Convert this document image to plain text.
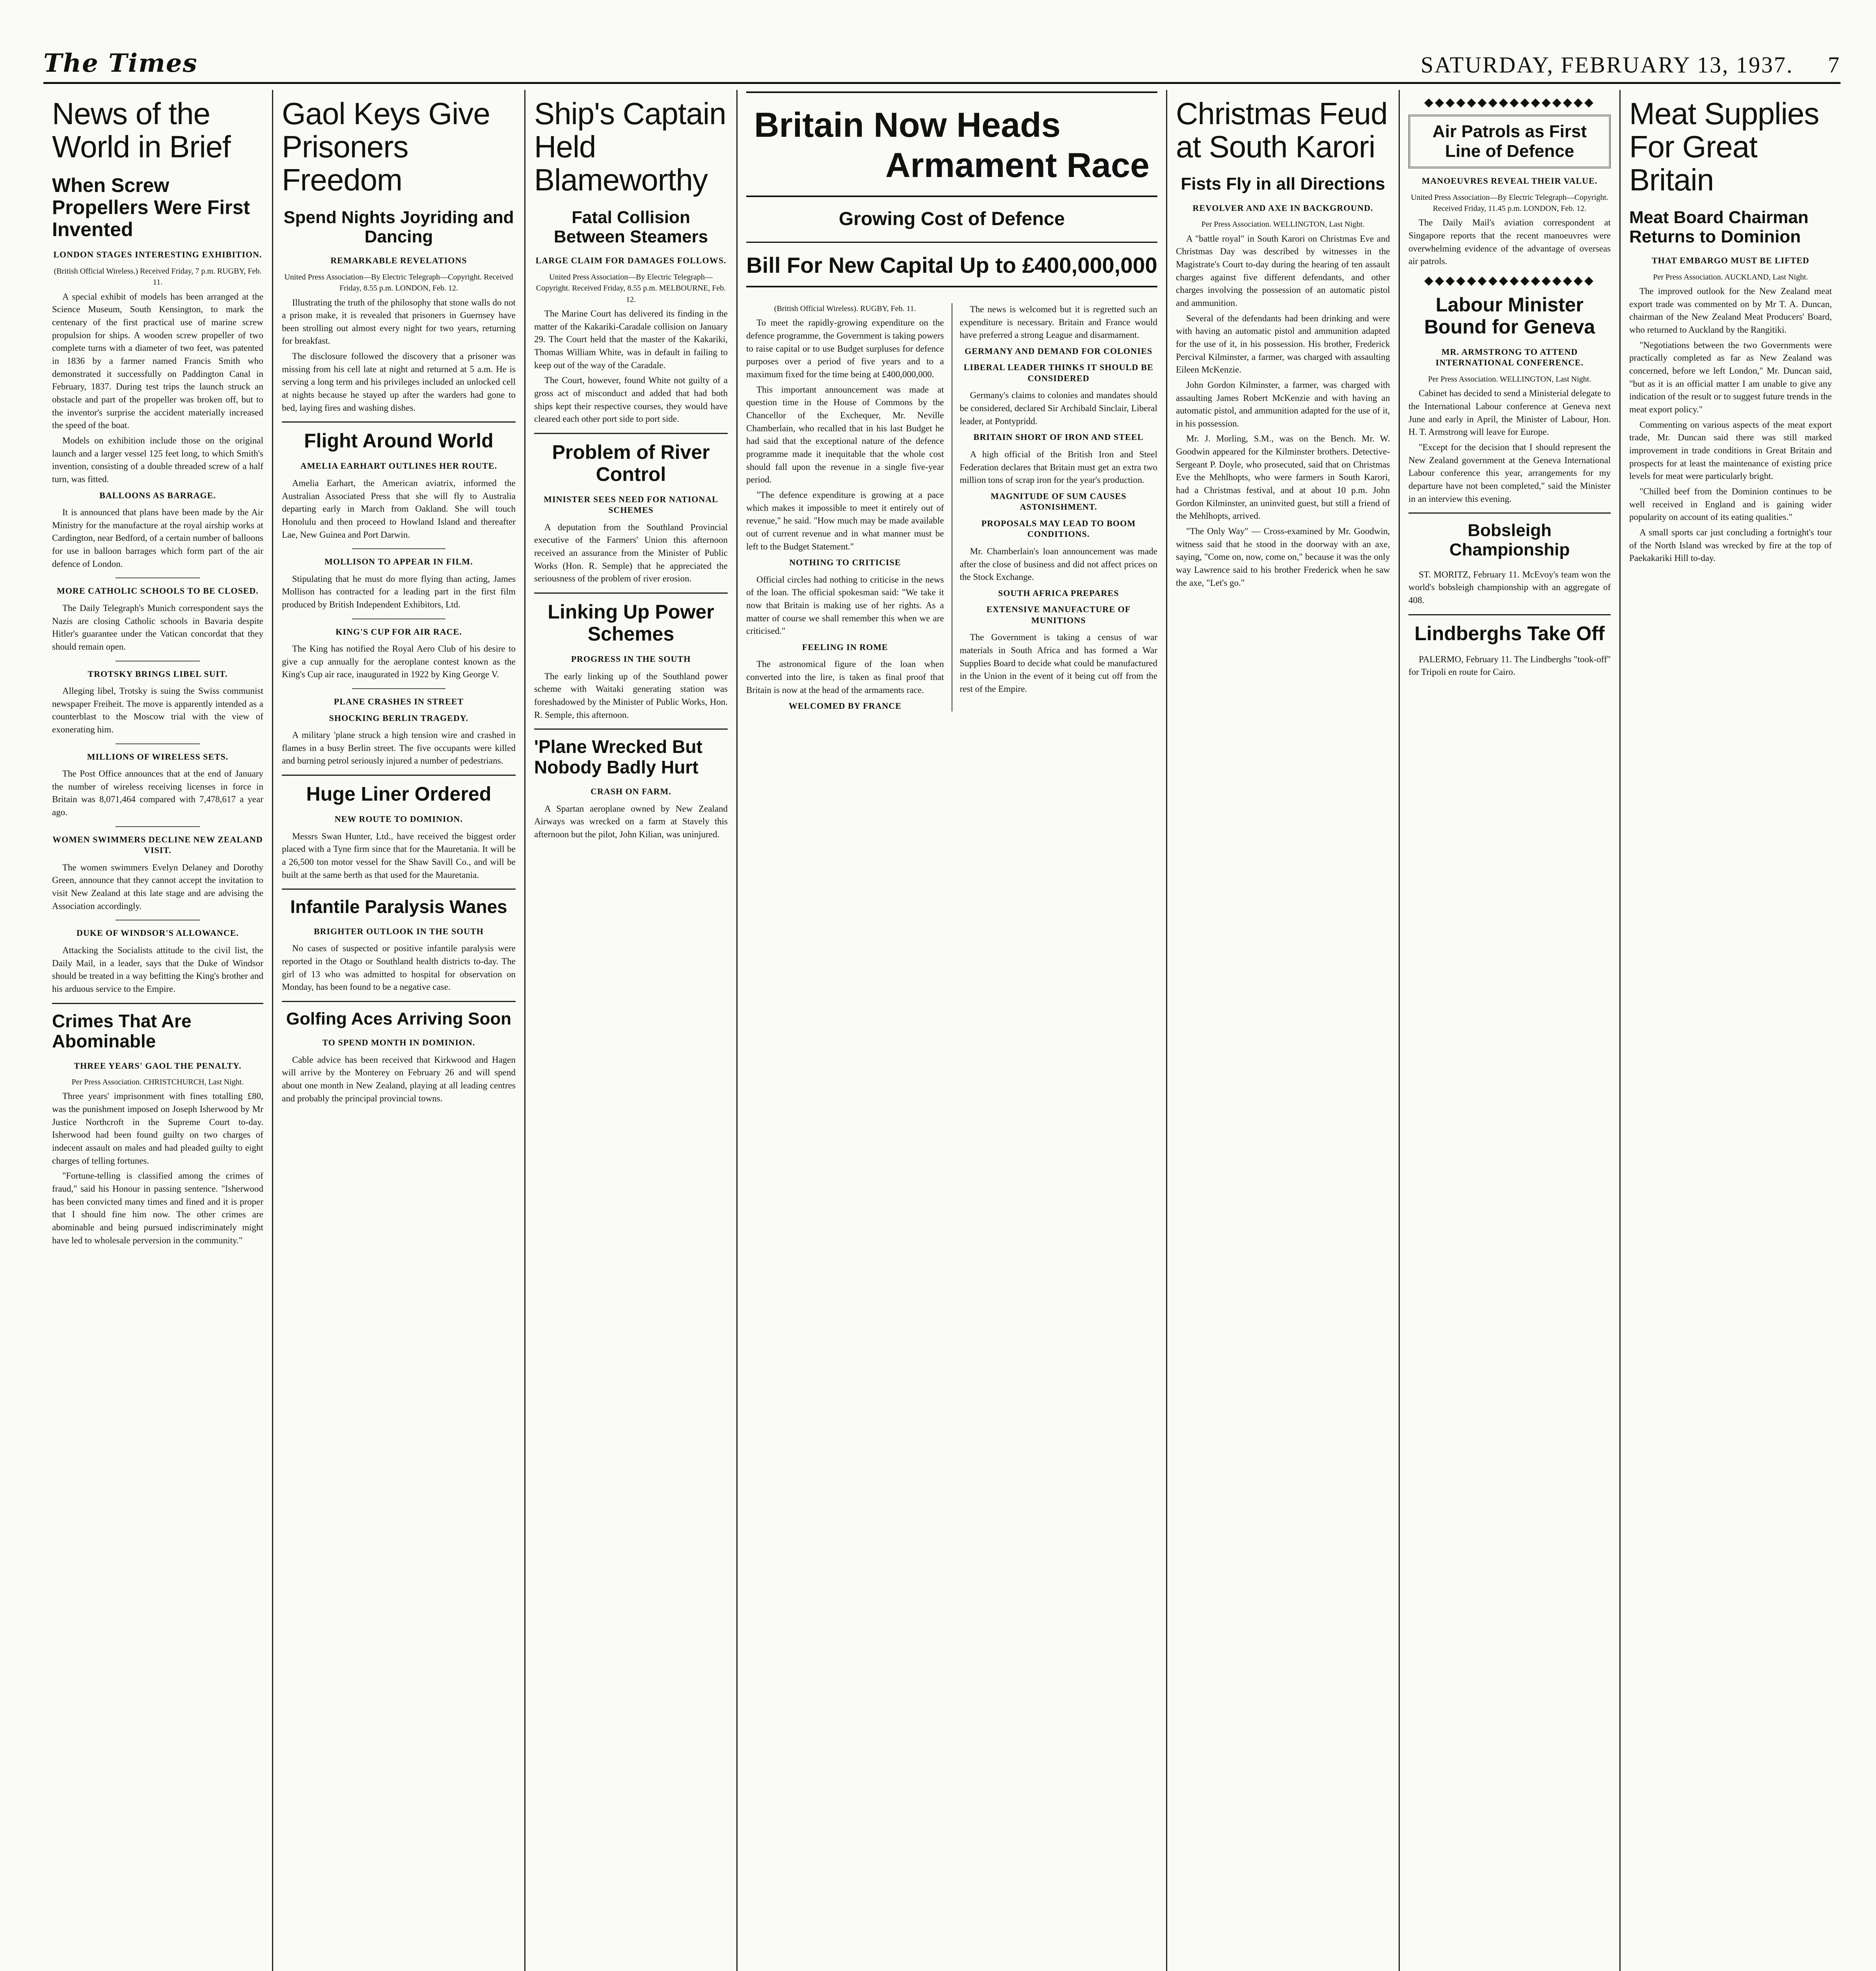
The Times	SATURDAY, FEBRUARY 13, 1937. 7
News of the World in Brief
When Screw Propellers Were First Invented
LONDON STAGES INTERESTING EXHIBITION.

(British Official Wireless.) Received Friday, 7 p.m. RUGBY, Feb. 11.

A special exhibit of models has been arranged at the Science Museum, South Kensington, to mark the centenary of the first practical use of marine screw propulsion for ships. A wooden screw propeller of two complete turns with a diameter of two feet, was patented in 1836 by a farmer named Francis Smith who demonstrated it successfully on Paddington Canal in February, 1837. During test trips the launch struck an obstacle and part of the propeller was broken off, but to the inventor's surprise the accident materially increased the speed of the boat.

Models on exhibition include those on the original launch and a larger vessel 125 feet long, to which Smith's invention, consisting of a double threaded screw of a half turn, was fitted.

BALLOONS AS BARRAGE.

It is announced that plans have been made by the Air Ministry for the manufacture at the royal airship works at Cardington, near Bedford, of a certain number of balloons for use in balloon barrages which form part of the air defence of London.

MORE CATHOLIC SCHOOLS TO BE CLOSED.

The Daily Telegraph's Munich correspondent says the Nazis are closing Catholic schools in Bavaria despite Hitler's guarantee under the Vatican concordat that they should remain open.

TROTSKY BRINGS LIBEL SUIT.

Alleging libel, Trotsky is suing the Swiss communist newspaper Freiheit. The move is apparently intended as a counterblast to the Moscow trial with the view of exonerating him.

MILLIONS OF WIRELESS SETS.

The Post Office announces that at the end of January the number of wireless receiving licenses in force in Britain was 8,071,464 compared with 7,478,617 a year ago.

WOMEN SWIMMERS DECLINE NEW ZEALAND VISIT.

The women swimmers Evelyn Delaney and Dorothy Green, announce that they cannot accept the invitation to visit New Zealand at this late stage and are advising the Association accordingly.

DUKE OF WINDSOR'S ALLOWANCE.

Attacking the Socialists attitude to the civil list, the Daily Mail, in a leader, says that the Duke of Windsor should be treated in a way befitting the King's brother and his arduous service to the Empire.

Crimes That Are Abominable
THREE YEARS' GAOL THE PENALTY.

Per Press Association. CHRISTCHURCH, Last Night.

Three years' imprisonment with fines totalling £80, was the punishment imposed on Joseph Isherwood by Mr Justice Northcroft in the Supreme Court to-day. Isherwood had been found guilty on two charges of indecent assault on males and had pleaded guilty to eight charges of telling fortunes.

"Fortune-telling is classified among the crimes of fraud," said his Honour in passing sentence. "Isherwood has been convicted many times and fined and it is proper that I should fine him now. The other crimes are abominable and being pursued indiscriminately might have led to wholesale perversion in the community."

Gaol Keys Give Prisoners Freedom
Spend Nights Joyriding and Dancing
REMARKABLE REVELATIONS

United Press Association—By Electric Telegraph—Copyright. Received Friday, 8.55 p.m. LONDON, Feb. 12.

Illustrating the truth of the philosophy that stone walls do not a prison make, it is revealed that prisoners in Guernsey have been strolling out almost every night for two years, returning for breakfast.

The disclosure followed the discovery that a prisoner was missing from his cell late at night and returned at 5 a.m. He is serving a long term and his privileges included an unlocked cell at nights because he stayed up after the warders had gone to bed, laying fires and washing dishes.

Flight Around World
AMELIA EARHART OUTLINES HER ROUTE.

Amelia Earhart, the American aviatrix, informed the Australian Associated Press that she will fly to Australia departing early in March from Oakland. She will touch Honolulu and then proceed to Howland Island and thereafter Lae, New Guinea and Port Darwin.

MOLLISON TO APPEAR IN FILM.

Stipulating that he must do more flying than acting, James Mollison has contracted for a leading part in the first film produced by British Independent Exhibitors, Ltd.

KING'S CUP FOR AIR RACE.

The King has notified the Royal Aero Club of his desire to give a cup annually for the aeroplane contest known as the King's Cup air race, inaugurated in 1922 by King George V.

PLANE CRASHES IN STREET
SHOCKING BERLIN TRAGEDY.

A military 'plane struck a high tension wire and crashed in flames in a busy Berlin street. The five occupants were killed and burning petrol seriously injured a number of pedestrians.

Huge Liner Ordered
NEW ROUTE TO DOMINION.

Messrs Swan Hunter, Ltd., have received the biggest order placed with a Tyne firm since that for the Mauretania. It will be a 26,500 ton motor vessel for the Shaw Savill Co., and will be built at the same berth as that used for the Mauretania.

Infantile Paralysis Wanes
BRIGHTER OUTLOOK IN THE SOUTH

No cases of suspected or positive infantile paralysis were reported in the Otago or Southland health districts to-day. The girl of 13 who was admitted to hospital for observation on Monday, has been found to be a negative case.

Golfing Aces Arriving Soon
TO SPEND MONTH IN DOMINION.

Cable advice has been received that Kirkwood and Hagen will arrive by the Monterey on February 26 and will spend about one month in New Zealand, playing at all leading centres and probably the principal provincial towns.

Ship's Captain Held Blameworthy
Fatal Collision Between Steamers
LARGE CLAIM FOR DAMAGES FOLLOWS.

United Press Association—By Electric Telegraph—Copyright. Received Friday, 8.55 p.m. MELBOURNE, Feb. 12.

The Marine Court has delivered its finding in the matter of the Kakariki-Caradale collision on January 29. The Court held that the master of the Kakariki, Thomas William White, was in default in failing to keep out of the way of the Caradale.

The Court, however, found White not guilty of a gross act of misconduct and added that had both ships kept their respective courses, they would have cleared each other port side to port side.

Problem of River Control
MINISTER SEES NEED FOR NATIONAL SCHEMES

A deputation from the Southland Provincial executive of the Farmers' Union this afternoon received an assurance from the Minister of Public Works (Hon. R. Semple) that he appreciated the seriousness of the problem of river erosion.

Linking Up Power Schemes
PROGRESS IN THE SOUTH

The early linking up of the Southland power scheme with Waitaki generating station was foreshadowed by the Minister of Public Works, Hon. R. Semple, this afternoon.

'Plane Wrecked But Nobody Badly Hurt
CRASH ON FARM.

A Spartan aeroplane owned by New Zealand Airways was wrecked on a farm at Stavely this afternoon but the pilot, John Kilian, was uninjured.

Britain Now Heads
Armament Race
Growing Cost of Defence
Bill For New Capital Up to £400,000,000

(British Official Wireless). RUGBY, Feb. 11.

To meet the rapidly-growing expenditure on the defence programme, the Government is taking powers to raise capital or to use Budget surpluses for defence purposes over a period of five years and to a maximum fixed for the time being at £400,000,000.

This important announcement was made at question time in the House of Commons by the Chancellor of the Exchequer, Mr. Neville Chamberlain, who recalled that in his last Budget he had said that the exceptional nature of the defence programme made it inequitable that the whole cost should fall upon the revenue in a single five-year period.

"The defence expenditure is growing at a pace which makes it impossible to meet it entirely out of revenue," he said. "How much may be made available out of current revenue and in what manner must be left to the Budget Statement."

NOTHING TO CRITICISE

Official circles had nothing to criticise in the news of the loan. The official spokesman said: "We take it now that Britain is making use of her rights. As a matter of course we shall remember this when we are criticised."

FEELING IN ROME

The astronomical figure of the loan when converted into the lire, is taken as final proof that Britain is now at the head of the armaments race.

WELCOMED BY FRANCE

The news is welcomed but it is regretted such an expenditure is necessary. Britain and France would have preferred a strong League and disarmament.

GERMANY AND DEMAND FOR COLONIES
LIBERAL LEADER THINKS IT SHOULD BE CONSIDERED

Germany's claims to colonies and mandates should be considered, declared Sir Archibald Sinclair, Liberal leader, at Pontypridd.

BRITAIN SHORT OF IRON AND STEEL

A high official of the British Iron and Steel Federation declares that Britain must get an extra two million tons of scrap iron for the year's production.

MAGNITUDE OF SUM CAUSES ASTONISHMENT.
PROPOSALS MAY LEAD TO BOOM CONDITIONS.

Mr. Chamberlain's loan announcement was made after the close of business and did not affect prices on the Stock Exchange.

SOUTH AFRICA PREPARES
EXTENSIVE MANUFACTURE OF MUNITIONS

The Government is taking a census of war materials in South Africa and has formed a War Supplies Board to decide what could be manufactured in the Union in the event of it being cut off from the rest of the Empire.

Christmas Feud at South Karori
Fists Fly in all Directions
REVOLVER AND AXE IN BACKGROUND.

Per Press Association. WELLINGTON, Last Night.

A "battle royal" in South Karori on Christmas Eve and Christmas Day was described by witnesses in the Magistrate's Court to-day during the hearing of ten assault charges against five different defendants, and other charges involving the possession of an automatic pistol and ammunition.

Several of the defendants had been drinking and were with having an automatic pistol and ammunition adapted for the use of it, in his possession. His brother, Frederick Percival Kilminster, a farmer, was charged with assaulting Eileen McKenzie.

John Gordon Kilminster, a farmer, was charged with assaulting James Robert McKenzie and with having an automatic pistol, and ammunition adapted for the use of it, in his possession.

Mr. J. Morling, S.M., was on the Bench. Mr. W. Goodwin appeared for the Kilminster brothers. Detective-Sergeant P. Doyle, who prosecuted, said that on Christmas Eve the Mehlhopts, who were farmers in South Karori, had a Christmas festival, and at about 10 p.m. John Gordon Kilminster, an uninvited guest, but still a friend of the Mehlhopts, arrived.

"The Only Way" — Cross-examined by Mr. Goodwin, witness said that he stood in the doorway with an axe, saying, "Come on, now, come on," because it was the only way Lawrence said to his brother Frederick when he saw the axe, "Let's go."

◆◆◆◆◆◆◆◆◆◆◆◆◆◆◆◆
Air Patrols as First Line of Defence
MANOEUVRES REVEAL THEIR VALUE.

United Press Association—By Electric Telegraph—Copyright. Received Friday, 11.45 p.m. LONDON, Feb. 12.

The Daily Mail's aviation correspondent at Singapore reports that the recent manoeuvres were overwhelming evidence of the advantage of overseas air patrols.

◆◆◆◆◆◆◆◆◆◆◆◆◆◆◆◆
Labour Minister Bound for Geneva
MR. ARMSTRONG TO ATTEND INTERNATIONAL CONFERENCE.

Per Press Association. WELLINGTON, Last Night.

Cabinet has decided to send a Ministerial delegate to the International Labour conference at Geneva next June and early in April, the Minister of Labour, Hon. H. T. Armstrong will leave for Europe.

"Except for the decision that I should represent the New Zealand government at the Geneva International Labour conference this year, arrangements for my departure have not been completed," said the Minister in an interview this evening.

Bobsleigh Championship

ST. MORITZ, February 11. McEvoy's team won the world's bobsleigh championship with an aggregate of 408.

Lindberghs Take Off

PALERMO, February 11. The Lindberghs "took-off" for Tripoli en route for Cairo.

Meat Supplies For Great Britain
Meat Board Chairman Returns to Dominion
THAT EMBARGO MUST BE LIFTED

Per Press Association. AUCKLAND, Last Night.

The improved outlook for the New Zealand meat export trade was commented on by Mr T. A. Duncan, chairman of the New Zealand Meat Producers' Board, who returned to Auckland by the Rangitiki.

"Negotiations between the two Governments were practically completed as far as New Zealand was concerned, before we left London," Mr. Duncan said, "but as it is an official matter I am unable to give any indication of the result or to suggest future trends in the meat export policy."

Commenting on various aspects of the meat export trade, Mr. Duncan said there was still marked improvement in trade conditions in Great Britain and prospects for at least the maintenance of existing price levels for meat were particularly bright.

"Chilled beef from the Dominion continues to be well received in England and is gaining wider popularity on account of its eating qualities."

A small sports car just concluding a fortnight's tour of the North Island was wrecked by fire at the top of Paekakariki Hill to-day.
